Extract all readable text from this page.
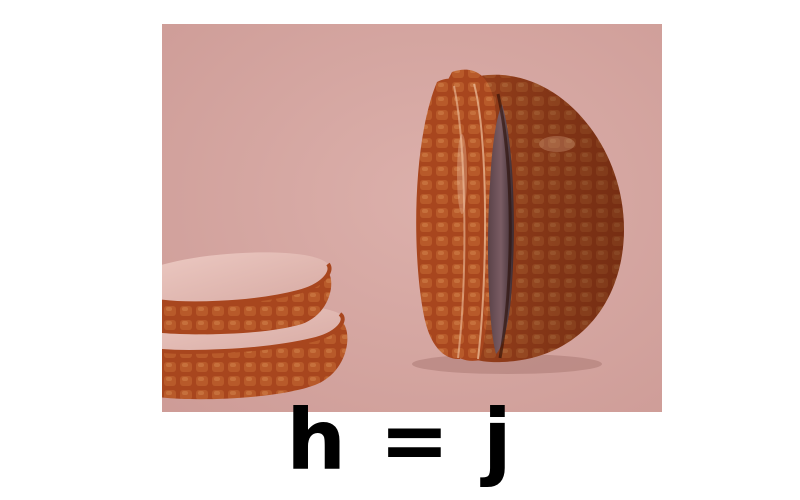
h = j
